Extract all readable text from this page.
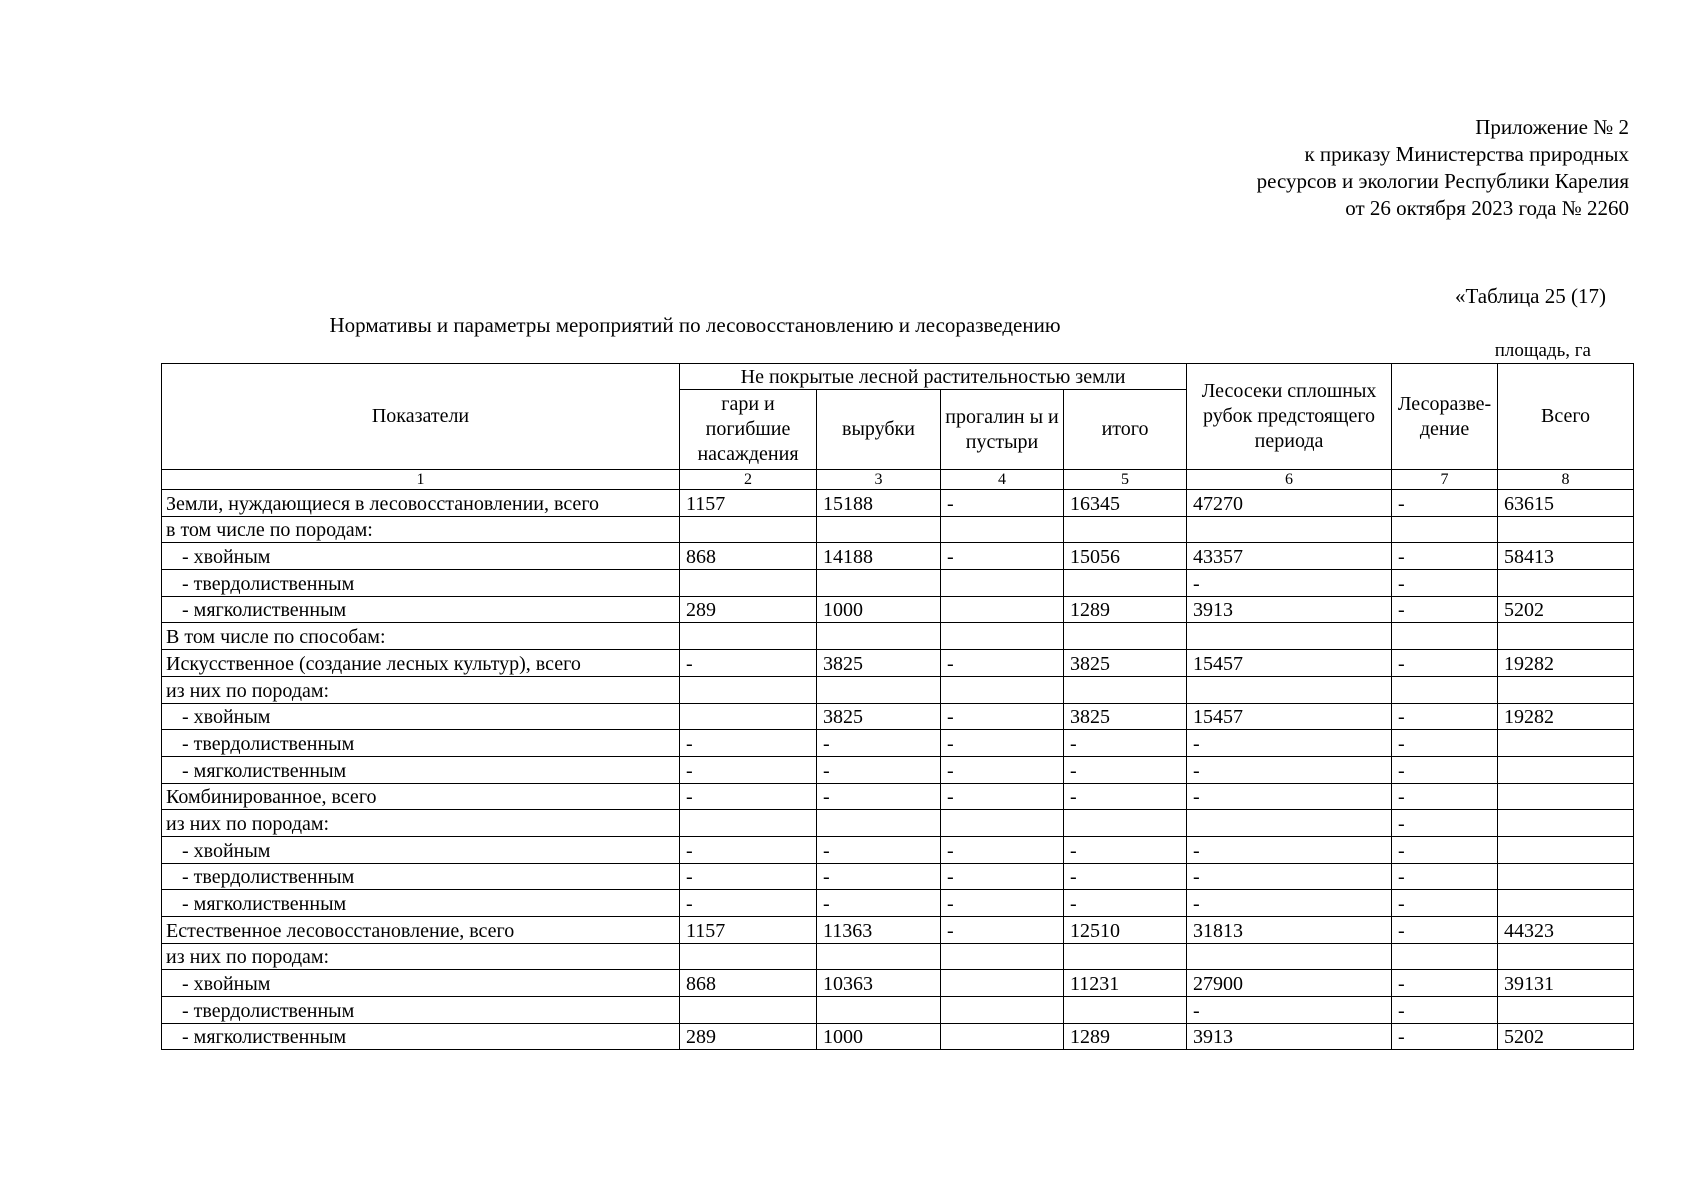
Приложение № 2
к приказу Министерства природных
ресурсов и экологии Республики Карелия
от 26 октября 2023 года № 2260
«Таблица 25 (17)
Нормативы и параметры мероприятий по лесовосстановлению и лесоразведению
площадь, га
Показатели	Не покрытые лесной растительностью земли				Лесосеки сплошных рубок предстоящего периода	Лесоразве- дение	Всего
	гари и погибшие насаждения	вырубки	прогалин ы и пустыри	итого			
1	2	3	4	5	6	7	8
Земли, нуждающиеся в лесовосстановлении, всего	1157	15188	-	16345	47270	-	63615
в том числе по породам:							
- хвойным	868	14188	-	15056	43357	-	58413
- твердолиственным					-	-	
- мягколиственным	289	1000		1289	3913	-	5202
В том числе по способам:							
Искусственное (создание лесных культур), всего	-	3825	-	3825	15457	-	19282
из них по породам:							
- хвойным		3825	-	3825	15457	-	19282
- твердолиственным	-	-	-	-	-	-	
- мягколиственным	-	-	-	-	-	-	
Комбинированное, всего	-	-	-	-	-	-	
из них по породам:						-	
- хвойным	-	-	-	-	-	-	
- твердолиственным	-	-	-	-	-	-	
- мягколиственным	-	-	-	-	-	-	
Естественное лесовосстановление, всего	1157	11363	-	12510	31813	-	44323
из них по породам:							
- хвойным	868	10363		11231	27900	-	39131
- твердолиственным					-	-	
- мягколиственным	289	1000		1289	3913	-	5202
